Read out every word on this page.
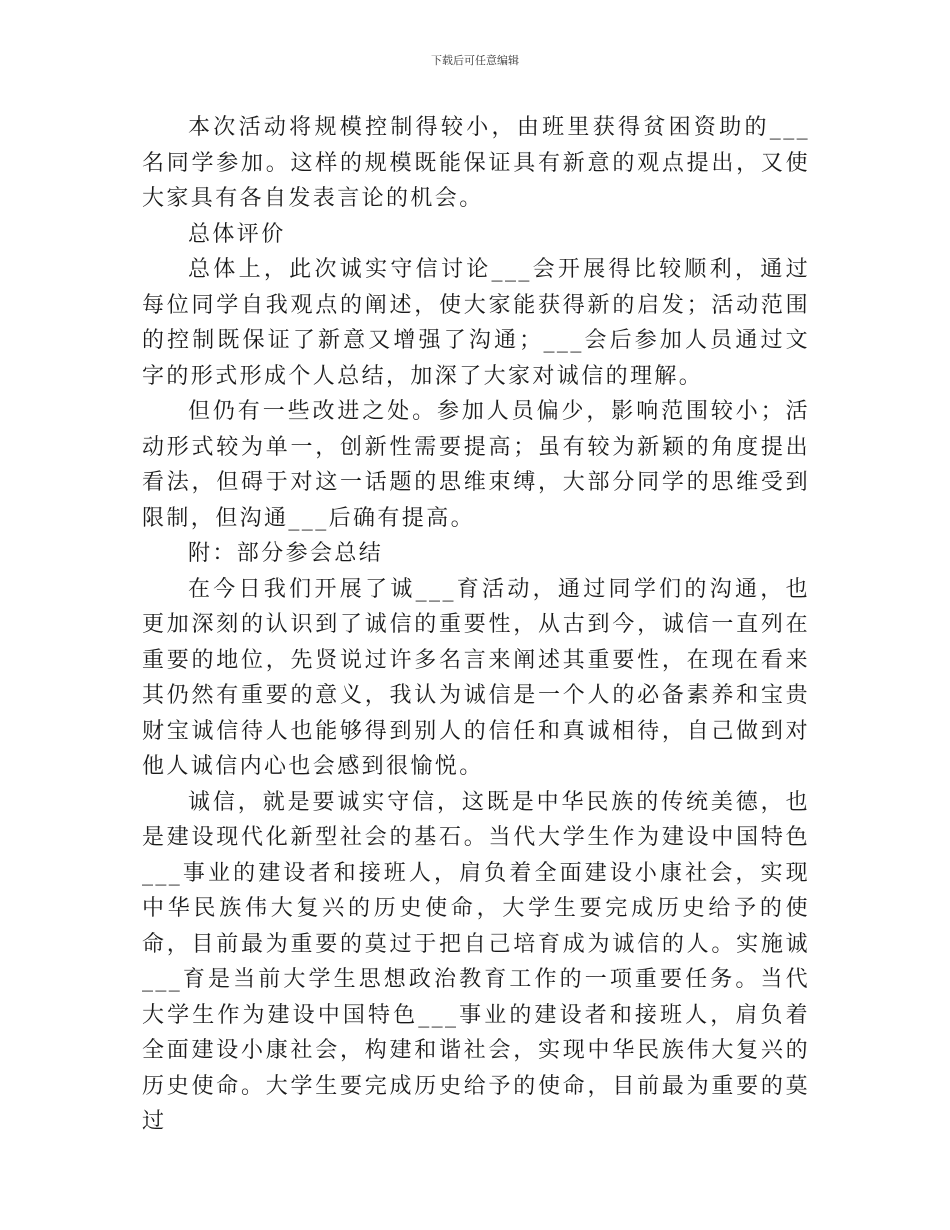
下载后可任意编辑

本次活动将规模控制得较小，由班里获得贫困资助的___名同学参加。这样的规模既能保证具有新意的观点提出，又使大家具有各自发表言论的机会。

总体评价

总体上，此次诚实守信讨论___会开展得比较顺利，通过每位同学自我观点的阐述，使大家能获得新的启发；活动范围的控制既保证了新意又增强了沟通；___会后参加人员通过文字的形式形成个人总结，加深了大家对诚信的理解。

但仍有一些改进之处。参加人员偏少，影响范围较小；活动形式较为单一，创新性需要提高；虽有较为新颖的角度提出看法，但碍于对这一话题的思维束缚，大部分同学的思维受到限制，但沟通___后确有提高。

附：部分参会总结

在今日我们开展了诚___育活动，通过同学们的沟通，也更加深刻的认识到了诚信的重要性，从古到今，诚信一直列在重要的地位，先贤说过许多名言来阐述其重要性，在现在看来其仍然有重要的意义，我认为诚信是一个人的必备素养和宝贵财宝诚信待人也能够得到别人的信任和真诚相待，自己做到对他人诚信内心也会感到很愉悦。

诚信，就是要诚实守信，这既是中华民族的传统美德，也是建设现代化新型社会的基石。当代大学生作为建设中国特色___事业的建设者和接班人，肩负着全面建设小康社会，实现中华民族伟大复兴的历史使命，大学生要完成历史给予的使命，目前最为重要的莫过于把自己培育成为诚信的人。实施诚___育是当前大学生思想政治教育工作的一项重要任务。当代大学生作为建设中国特色___事业的建设者和接班人，肩负着全面建设小康社会，构建和谐社会，实现中华民族伟大复兴的历史使命。大学生要完成历史给予的使命，目前最为重要的莫过
